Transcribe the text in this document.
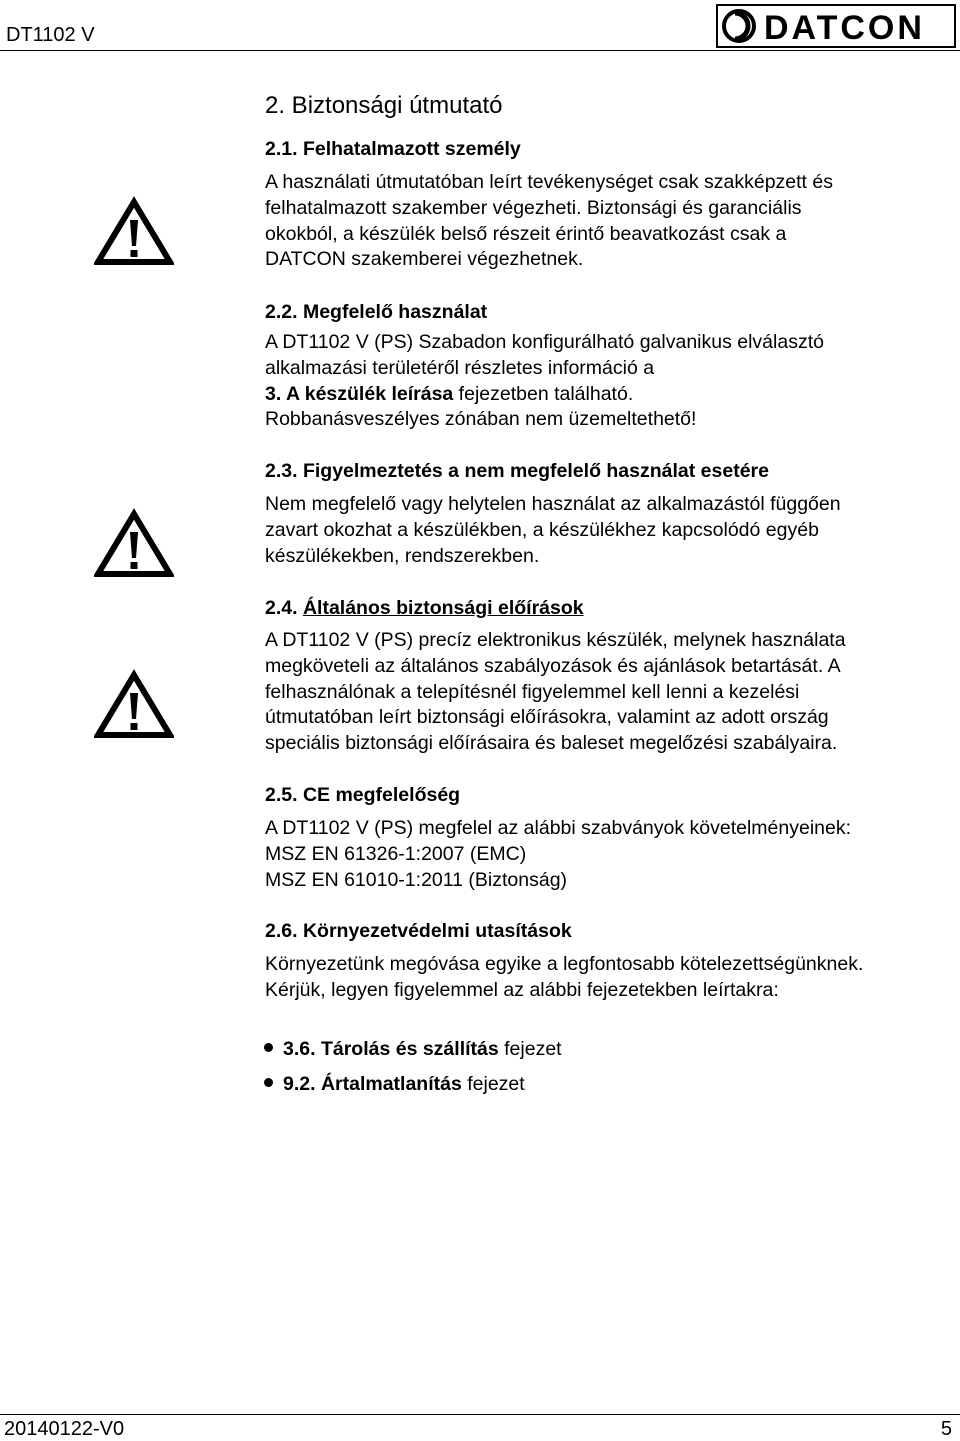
DT1102 V	DATCON
2. Biztonsági útmutató
2.1. Felhatalmazott személy
A használati útmutatóban leírt tevékenységet csak szakképzett és
felhatalmazott szakember végezheti. Biztonsági és garanciális
okokból, a készülék belső részeit érintő beavatkozást csak a
DATCON szakemberei végezhetnek.
2.2. Megfelelő használat
A DT1102 V (PS) Szabadon konfigurálható galvanikus elválasztó
alkalmazási területéről részletes információ a
3. A készülék leírása fejezetben található.
Robbanásveszélyes zónában nem üzemeltethető!
2.3. Figyelmeztetés a nem megfelelő használat esetére
Nem megfelelő vagy helytelen használat az alkalmazástól függően
zavart okozhat a készülékben, a készülékhez kapcsolódó egyéb
készülékekben, rendszerekben.
2.4. Általános biztonsági előírások
A DT1102 V (PS) precíz elektronikus készülék, melynek használata
megköveteli az általános szabályozások és ajánlások betartását. A
felhasználónak a telepítésnél figyelemmel kell lenni a kezelési
útmutatóban leírt biztonsági előírásokra, valamint az adott ország
speciális biztonsági előírásaira és baleset megelőzési szabályaira.
2.5. CE megfelelőség
A DT1102 V (PS) megfelel az alábbi szabványok követelményeinek:
MSZ EN 61326-1:2007 (EMC)
MSZ EN 61010-1:2011 (Biztonság)
2.6. Környezetvédelmi utasítások
Környezetünk megóvása egyike a legfontosabb kötelezettségünknek.
Kérjük, legyen figyelemmel az alábbi fejezetekben leírtakra:
3.6. Tárolás és szállítás fejezet
9.2. Ártalmatlanítás fejezet
20140122-V0	5
